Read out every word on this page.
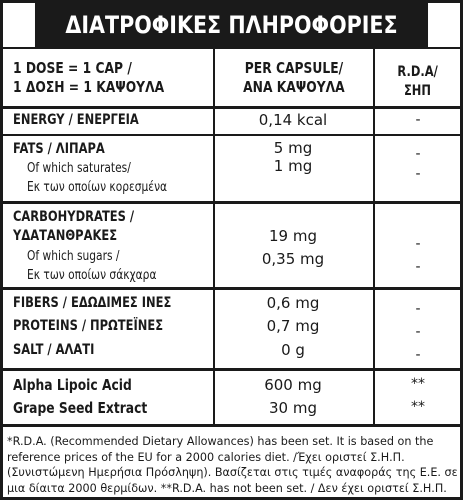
ΔΙΑΤΡΟΦΙΚΕΣ ΠΛΗΡΟΦΟΡΙΕΣ
1 DOSE = 1 CAP /
1 ΔΟΣΗ = 1 ΚΑΨΟΥΛΑ
PER CAPSULE/
ΑΝΑ ΚΑΨΟΥΛΑ
R.D.A/
ΣΗΠ
ENERGY / ΕΝΕΡΓΕΙΑ	0,14 kcal	-
FATS / ΛΙΠΑΡΑ	5 mg	-
Of which saturates/
Εκ των οποίων κορεσμένα
1 mg	-
CARBOHYDRATES /
ΥΔΑΤΑΝΘΡΑΚΕΣ	19 mg	-
Of which sugars /
Εκ των οποίων σάκχαρα
0,35 mg	-
FIBERS / ΕΔΩΔΙΜΕΣ ΙΝΕΣ	0,6 mg	-
PROTEINS / ΠΡΩΤΕΪΝΕΣ	0,7 mg	-
SALT / ΑΛΑΤΙ	0 g	-
Alpha Lipoic Acid	600 mg	**
Grape Seed Extract	30 mg	**
*R.D.A. (Recommended Dietary Allowances) has been set. It is based on the reference prices of the EU for a 2000 calories diet. /Έχει οριστεί Σ.Η.Π. (Συνιστώμενη Ημερήσια Πρόσληψη). Βασίζεται στις τιμές αναφοράς της Ε.Ε. σε μια δίαιτα 2000 θερμίδων. **R.D.A. has not been set. / Δεν έχει οριστεί Σ.Η.Π.
